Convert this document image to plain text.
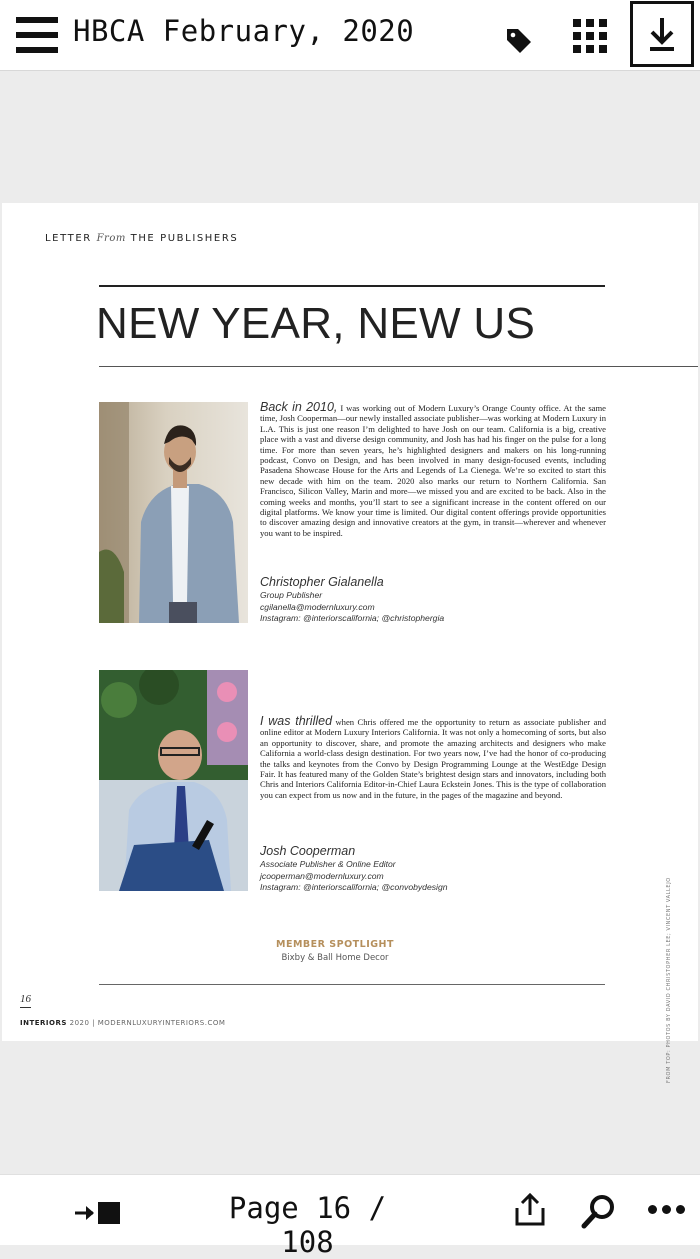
HBCA February, 2020
LETTER From THE PUBLISHERS
NEW YEAR, NEW US
Back in 2010, I was working out of Modern Luxury’s Orange County office. At the same time, Josh Cooperman—our newly installed associate publisher—was working at Modern Luxury in L.A. This is just one reason I’m delighted to have Josh on our team. California is a big, creative place with a vast and diverse design community, and Josh has had his finger on the pulse for a long time. For more than seven years, he’s highlighted designers and makers on his long-running podcast, Convo on Design, and has been involved in many design-focused events, including Pasadena Showcase House for the Arts and Legends of La Cienega. We’re so excited to start this new decade with him on the team. 2020 also marks our return to Northern California. San Francisco, Silicon Valley, Marin and more—we missed you and are excited to be back. Also in the coming weeks and months, you’ll start to see a significant increase in the content offered on our digital platforms. We know your time is limited. Our digital content offerings provide opportunities to discover amazing design and innovative creators at the gym, in transit—wherever and whenever you want to be inspired.
Christopher Gialanella
Group Publisher
cgilanella@modernluxury.com
Instagram: @interiorscalifornia; @christophergia
I was thrilled when Chris offered me the opportunity to return as associate publisher and online editor at Modern Luxury Interiors California. It was not only a homecoming of sorts, but also an opportunity to discover, share, and promote the amazing architects and designers who make California a world-class design destination. For two years now, I’ve had the honor of co-producing the talks and keynotes from the Convo by Design Programming Lounge at the WestEdge Design Fair. It has featured many of the Golden State’s brightest design stars and innovators, including both Chris and Interiors California Editor-in-Chief Laura Eckstein Jones. This is the type of collaboration you can expect from us now and in the future, in the pages of the magazine and beyond.
Josh Cooperman
Associate Publisher & Online Editor
jcooperman@modernluxury.com
Instagram: @interiorscalifornia; @convobydesign
MEMBER SPOTLIGHT
Bixby & Ball Home Decor
16
INTERIORS 2020 | MODERNLUXURYINTERIORS.COM	FROM TOP: PHOTOS BY DAVID CHRISTOPHER LEE; VINCENT VALLEJO
Page 16 / 108
